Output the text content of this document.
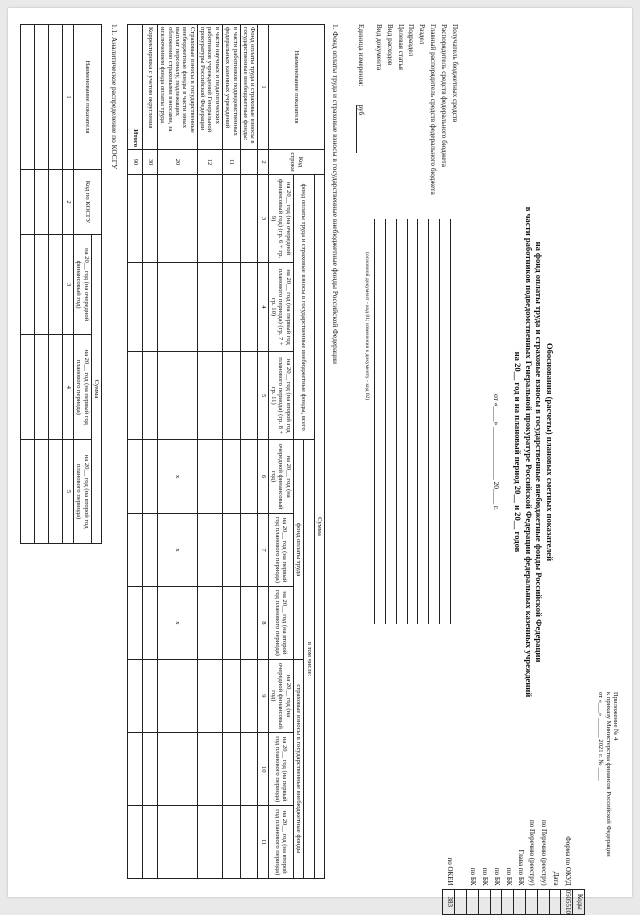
Приложение № 4
к приказу Министерства финансов Российской Федерации
от «___» ______ 2021 г. № ____
Обоснования (расчеты) плановых сметных показателей
на фонд оплаты труда и страховые взносы в государственные внебюджетные фонды Российской Федерации
в части работников подведомственных Генеральной прокуратуре Российской Федерации федеральных казенных учреждений
на 20__ год и на плановый период 20__ и 20__ годов
от «____» ______________ 20____ г.
	Коды
Форма по ОКУД	0505510
Дата	
по Перечню (реестру)	
по Перечню (реестру)	
Глава по БК	
по БК	
по БК	
по БК	
по БК	

по ОКЕИ	383
Получатель бюджетных средств
Распорядитель средств федерального бюджета
Главный распорядитель средств федерального бюджета
Раздел
Подраздел
Целевая статья
Вид расходов
Вид документа
(основной документ - код 01; изменения к документу - код 02)
Единица измерения:руб
1. Фонд оплаты труда и страховые взносы в государственные внебюджетные фонды Российской Федерации
Наименование показателя	Код строки	Сумма								
		фонд оплаты труда и страховые взносы в государственные внебюджетные фонды, всего			в том числе:					
					фонд оплаты труда			страховые взносы в государственные внебюджетные фонды		
		на 20__ год (на очередной финансовый год) (гр. 6 + гр. 9)	на 20__ год (на первый год планового периода) (гр. 7 + гр. 10)	на 20__ год (на второй год планового периода) (гр. 8 + гр. 11)	на 20__ год (на очередной финансовый год)	на 20__ год (на первый год планового периода)	на 20__ год (на второй год планового периода)	на 20__ год (на очередной финансовый год)	на 20__ год (на первый год планового периода)	на 20__ год (на второй год планового периода)
1	2	3	4	5	6	7	8	9	10	11
Фонд оплаты труда и страховые взносы в государственные внебюджетные фонды:										
в части работников подведомственных федеральных казенных учреждений	11									
в части научных и педагогических работников учреждений Генеральной прокуратуры Российской Федерации	12									
Страховые взносы в государственные внебюджетные фонды в части иных выплат персоналу, подлежащих обложению страховыми взносами, за исключением фонда оплаты труда	20				x	x	x			
Корректировка с учетом округления	30									
Итого	90									
1.1. Аналитическое распределение по КОСГУ
Наименование показателя	Код по КОСГУ	Сумма		
		на 20__ год (на очередной финансовый год)	на 20__ год (на первый год планового периода)	на 20__ год (на второй год планового периода)
1	2	3	4	5
